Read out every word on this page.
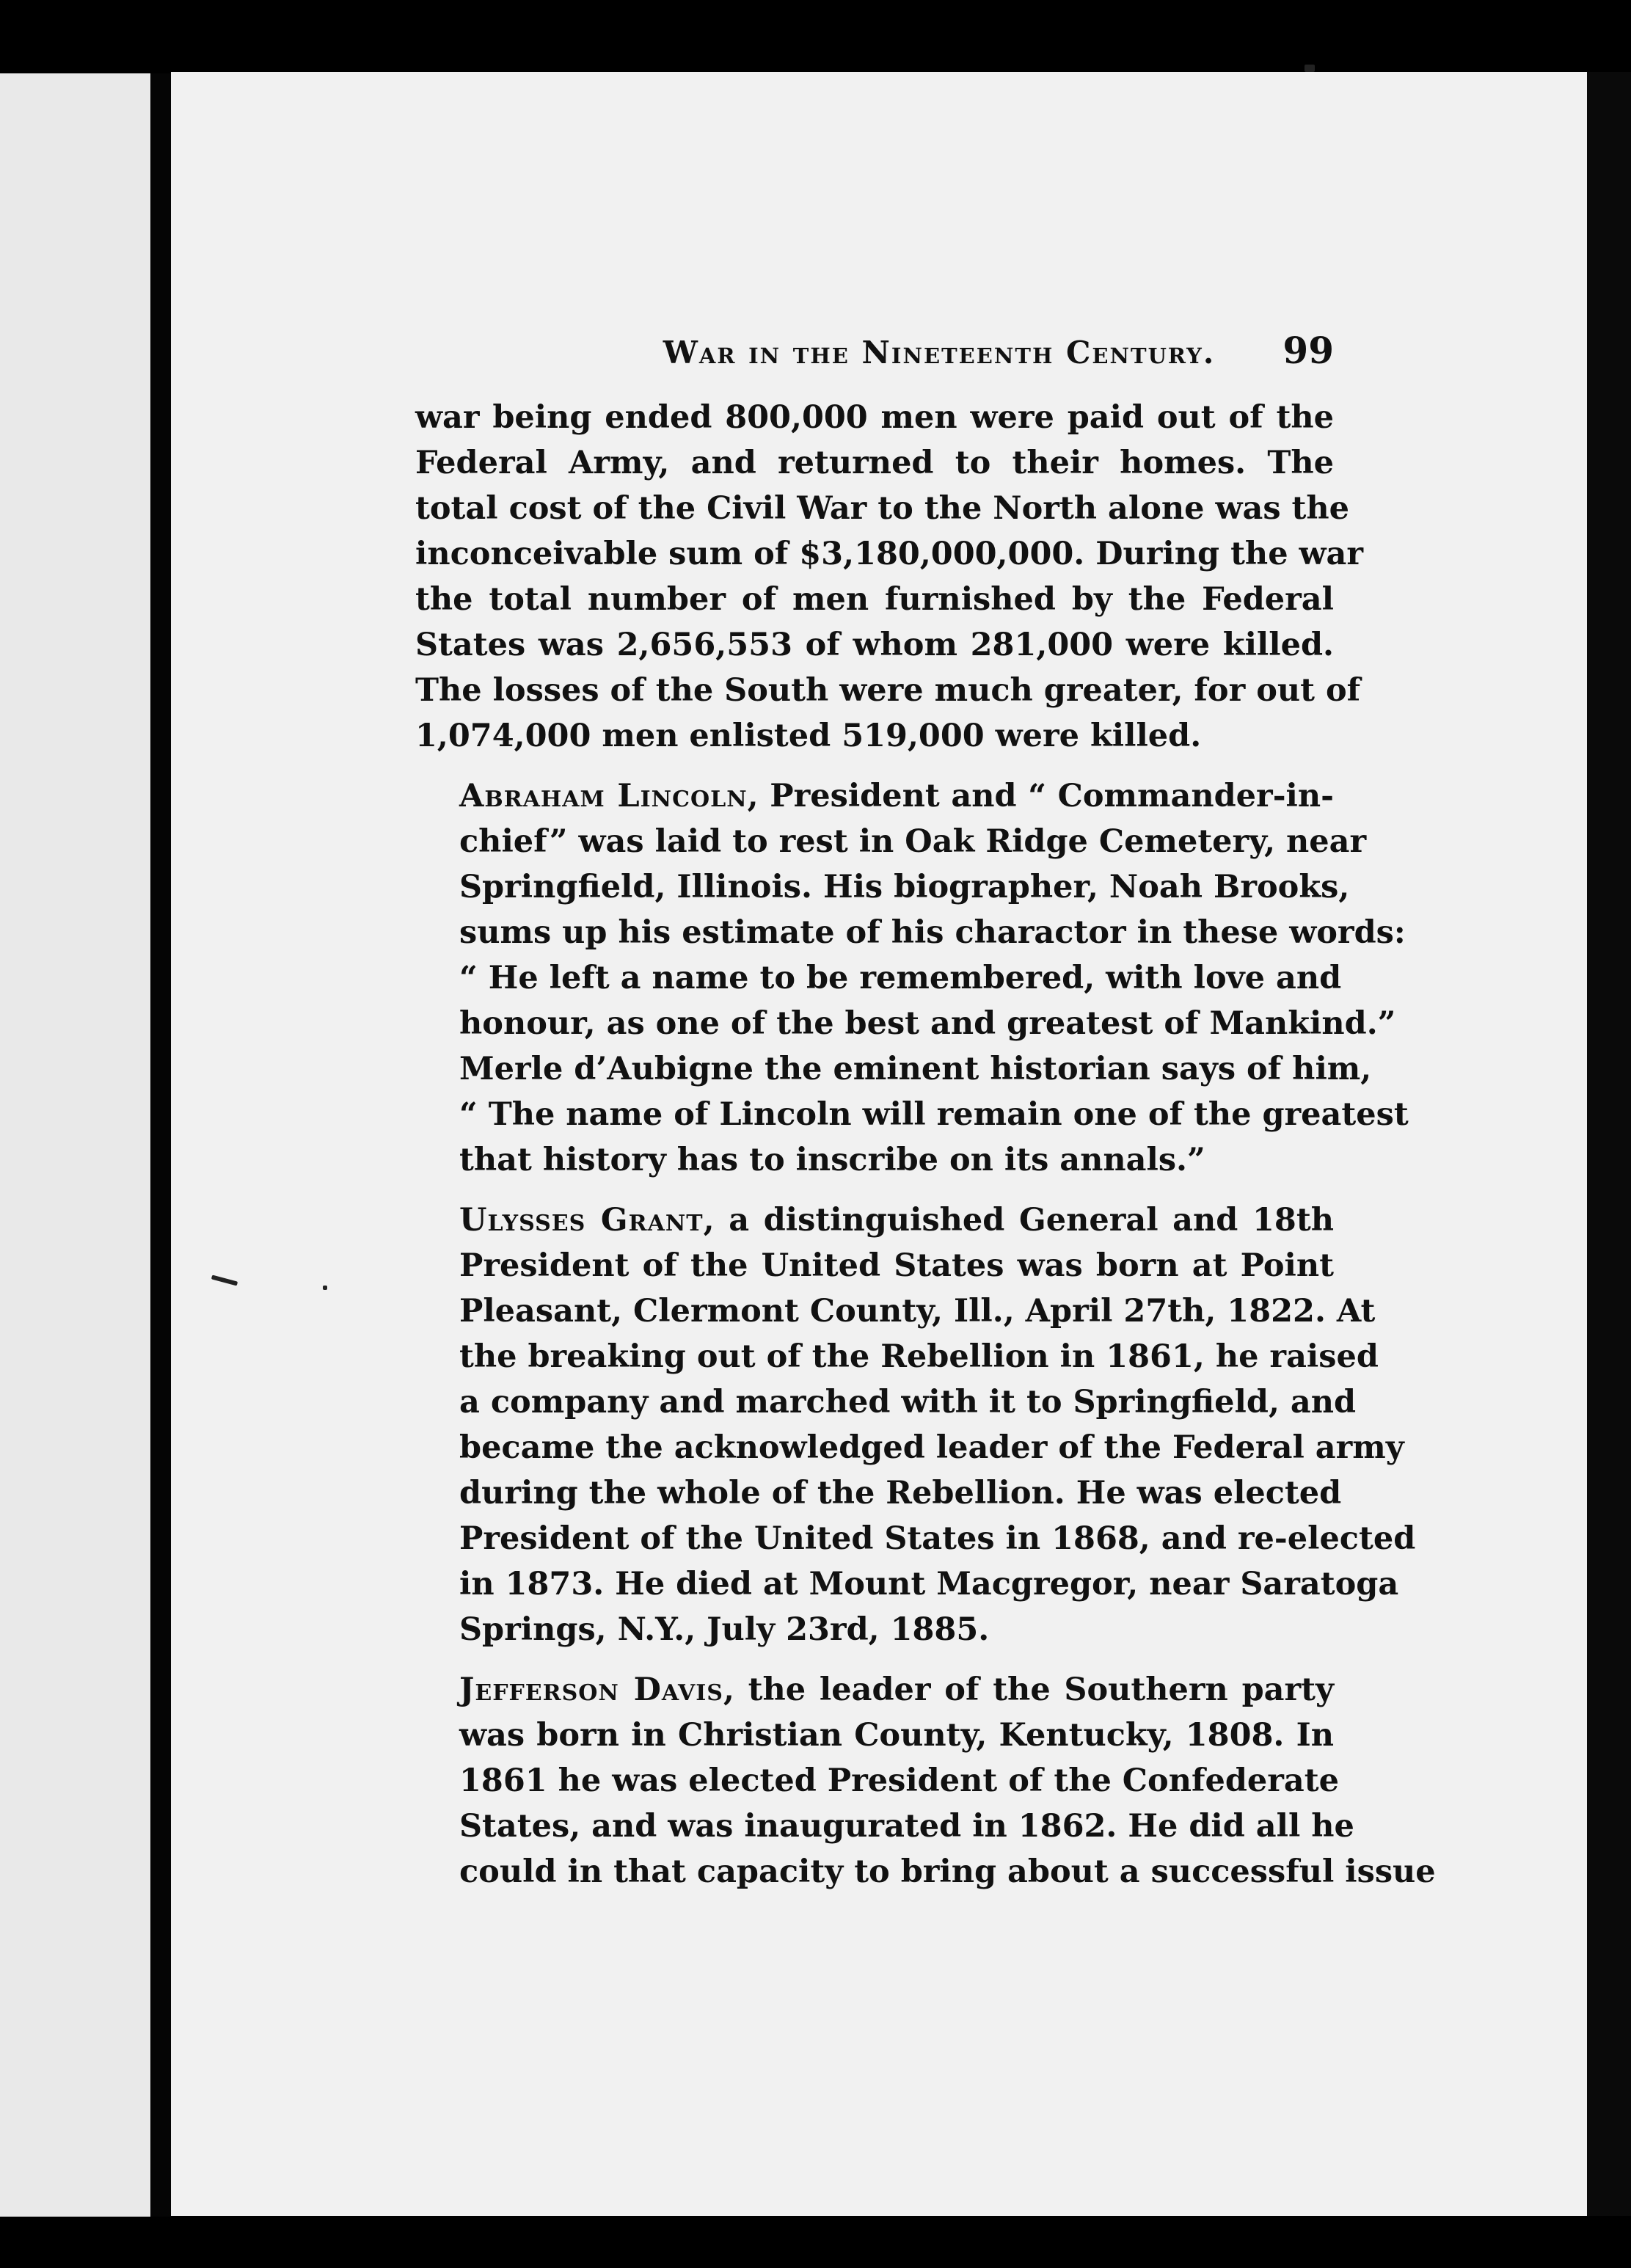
War in the Nineteenth Century. 99

war being ended 800,000 men were paid out of the
Federal Army, and returned to their homes. The
total cost of the Civil War to the North alone was the
inconceivable sum of $3,180,000,000. During the war
the total number of men furnished by the Federal
States was 2,656,553 of whom 281,000 were killed.
The losses of the South were much greater, for out of
1,074,000 men enlisted 519,000 were killed.

Abraham Lincoln, President and “ Commander-in-
chief” was laid to rest in Oak Ridge Cemetery, near
Springfield, Illinois. His biographer, Noah Brooks,
sums up his estimate of his charactor in these words:
“ He left a name to be remembered, with love and
honour, as one of the best and greatest of Mankind.”
Merle d’Aubigne the eminent historian says of him,
“ The name of Lincoln will remain one of the greatest
that history has to inscribe on its annals.”

Ulysses Grant, a distinguished General and 18th
President of the United States was born at Point
Pleasant, Clermont County, Ill., April 27th, 1822. At
the breaking out of the Rebellion in 1861, he raised
a company and marched with it to Springfield, and
became the acknowledged leader of the Federal army
during the whole of the Rebellion. He was elected
President of the United States in 1868, and re-elected
in 1873. He died at Mount Macgregor, near Saratoga
Springs, N.Y., July 23rd, 1885.

Jefferson Davis, the leader of the Southern party
was born in Christian County, Kentucky, 1808. In
1861 he was elected President of the Confederate
States, and was inaugurated in 1862. He did all he
could in that capacity to bring about a successful issue
